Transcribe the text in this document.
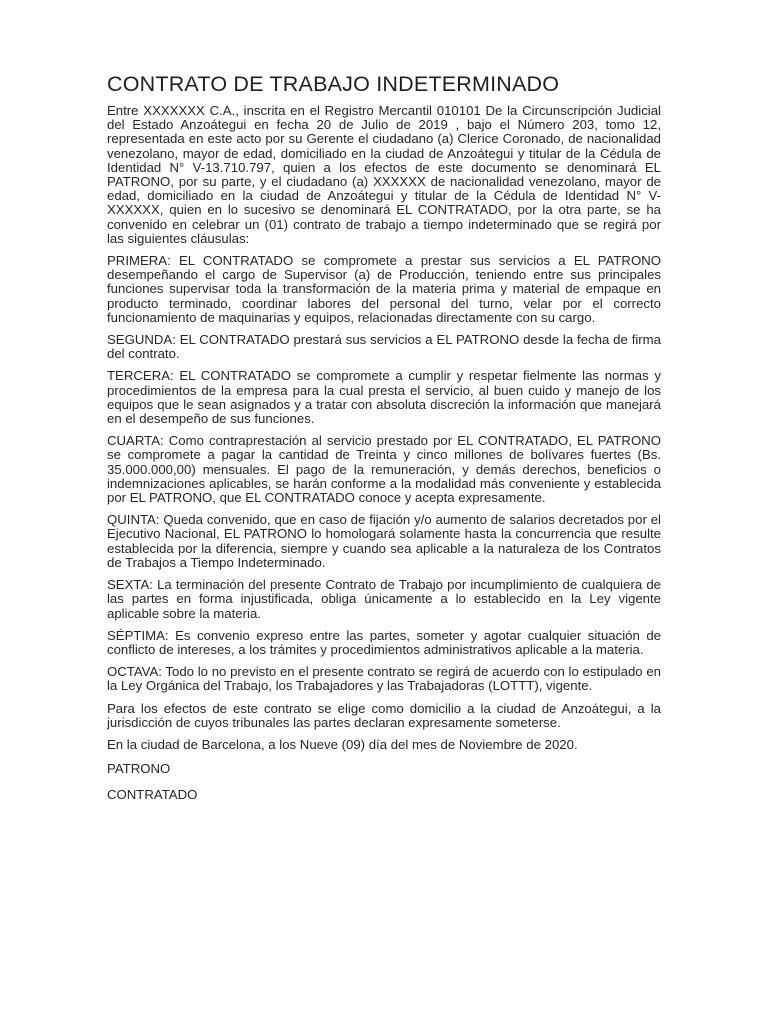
CONTRATO DE TRABAJO INDETERMINADO

Entre XXXXXXX C.A., inscrita en el Registro Mercantil 010101 De la Circunscripción Judicial del Estado Anzoátegui en fecha 20 de Julio de 2019 , bajo el Número 203, tomo 12, representada en este acto por su Gerente el ciudadano (a) Clerice Coronado, de nacionalidad venezolano, mayor de edad, domiciliado en la ciudad de Anzoátegui y titular de la Cédula de Identidad N° V-13.710.797, quien a los efectos de este documento se denominará EL PATRONO, por su parte, y el ciudadano (a) XXXXXX de nacionalidad venezolano, mayor de edad, domiciliado en la ciudad de Anzoátegui y titular de la Cédula de Identidad N° V-XXXXXX, quien en lo sucesivo se denominará EL CONTRATADO, por la otra parte, se ha convenido en celebrar un (01) contrato de trabajo a tiempo indeterminado que se regirá por las siguientes cláusulas:

PRIMERA: EL CONTRATADO se compromete a prestar sus servicios a EL PATRONO desempeñando el cargo de Supervisor (a) de Producción, teniendo entre sus principales funciones supervisar toda la transformación de la materia prima y material de empaque en producto terminado, coordinar labores del personal del turno, velar por el correcto funcionamiento de maquinarias y equipos, relacionadas directamente con su cargo.

SEGUNDA: EL CONTRATADO prestará sus servicios a EL PATRONO desde la fecha de firma del contrato.

TERCERA: EL CONTRATADO se compromete a cumplir y respetar fielmente las normas y procedimientos de la empresa para la cual presta el servicio, al buen cuido y manejo de los equipos que le sean asignados y a tratar con absoluta discreción la información que manejará en el desempeño de sus funciones.

CUARTA: Como contraprestación al servicio prestado por EL CONTRATADO, EL PATRONO se compromete a pagar la cantidad de Treinta y cinco millones de bolívares fuertes (Bs. 35.000.000,00) mensuales. El pago de la remuneración, y demás derechos, beneficios o indemnizaciones aplicables, se harán conforme a la modalidad más conveniente y establecida por EL PATRONO, que EL CONTRATADO conoce y acepta expresamente.

QUINTA: Queda convenido, que en caso de fijación y/o aumento de salarios decretados por el Ejecutivo Nacional, EL PATRONO lo homologará solamente hasta la concurrencia que resulte establecida por la diferencia, siempre y cuando sea aplicable a la naturaleza de los Contratos de Trabajos a Tiempo Indeterminado.

SEXTA: La terminación del presente Contrato de Trabajo por incumplimiento de cualquiera de las partes en forma injustificada, obliga únicamente a lo establecido en la Ley vigente aplicable sobre la materia.

SÉPTIMA: Es convenio expreso entre las partes, someter y agotar cualquier situación de conflicto de intereses, a los trámites y procedimientos administrativos aplicable a la materia.

OCTAVA: Todo lo no previsto en el presente contrato se regirá de acuerdo con lo estipulado en la Ley Orgánica del Trabajo, los Trabajadores y las Trabajadoras (LOTTT), vigente.

Para los efectos de este contrato se elige como domicilio a la ciudad de Anzoátegui, a la jurisdicción de cuyos tribunales las partes declaran expresamente someterse.

En la ciudad de Barcelona, a los Nueve (09) día del mes de Noviembre de 2020.

PATRONO

CONTRATADO
